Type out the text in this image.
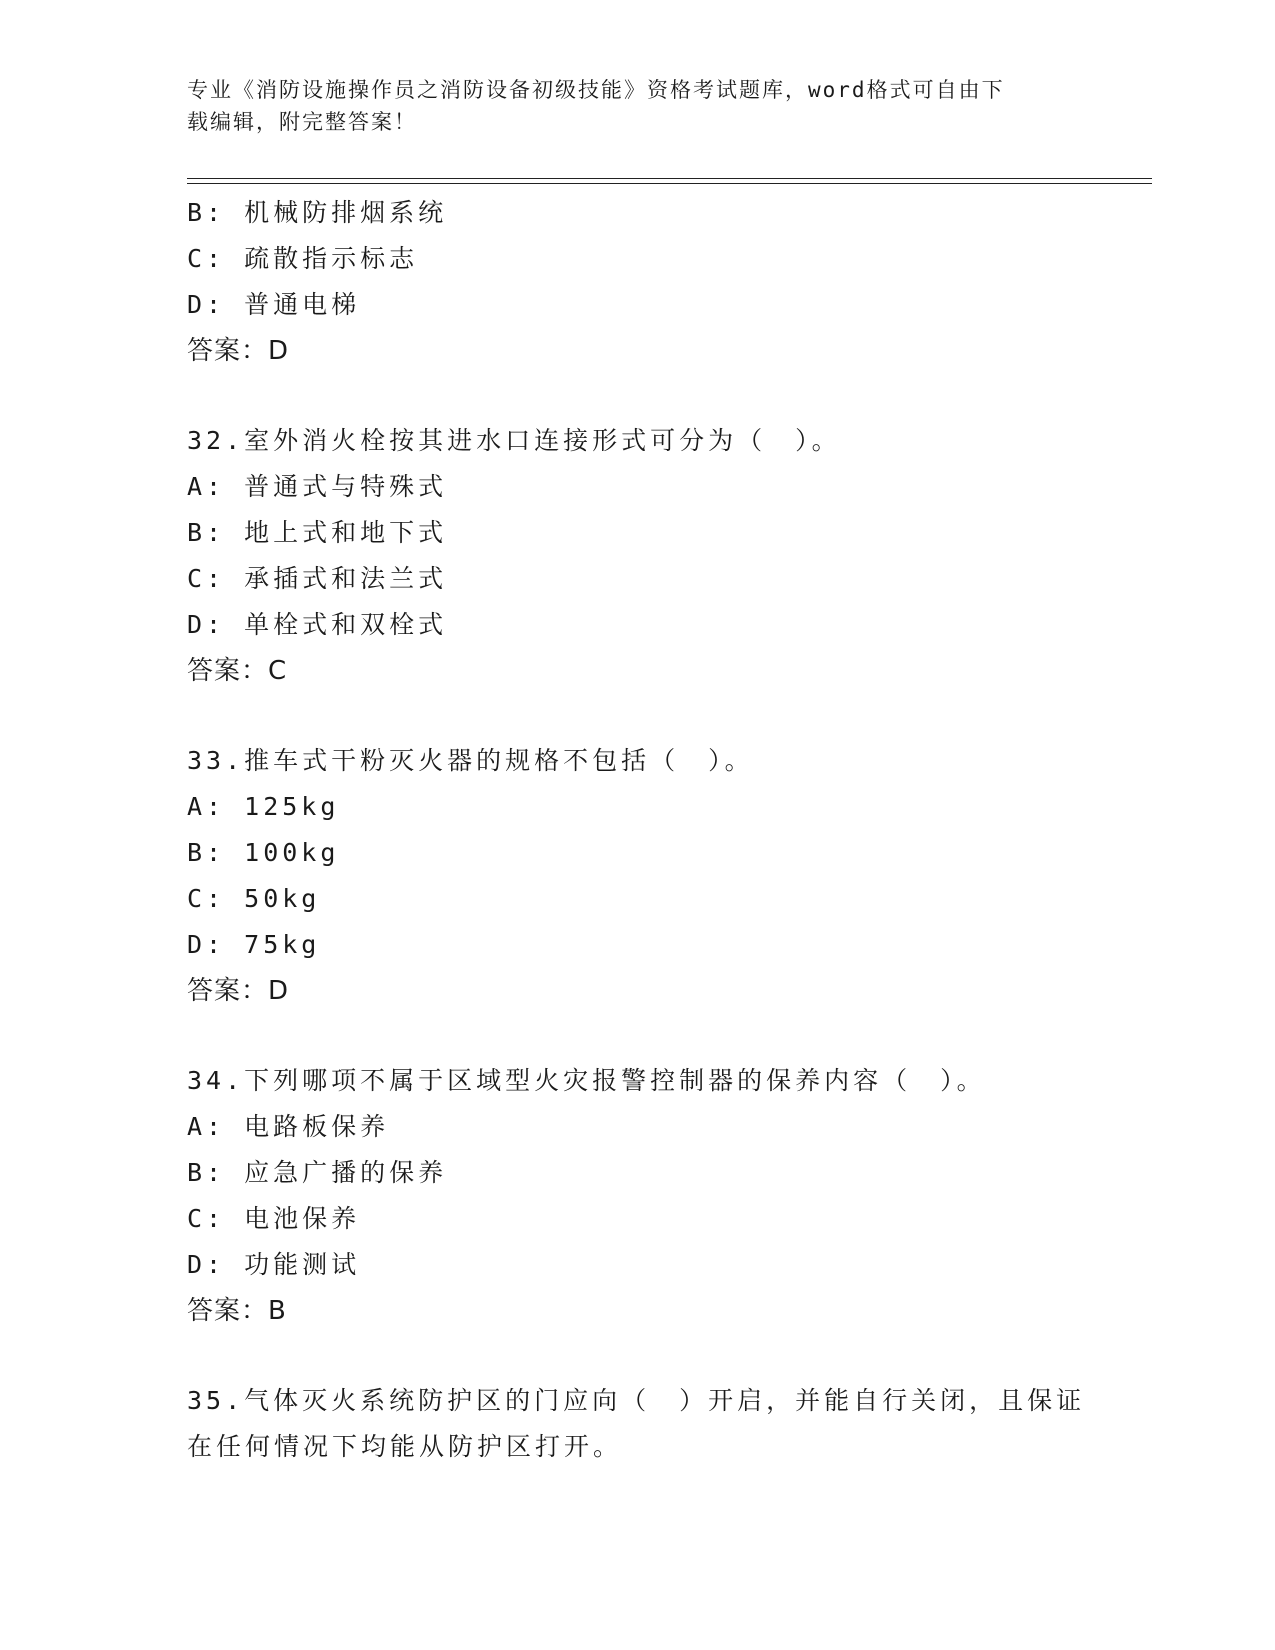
专业《消防设施操作员之消防设备初级技能》资格考试题库，word格式可自由下
载编辑，附完整答案！
B: 机械防排烟系统
C: 疏散指示标志
D: 普通电梯
答案：D
32.室外消火栓按其进水口连接形式可分为（　）。
A: 普通式与特殊式
B: 地上式和地下式
C: 承插式和法兰式
D: 单栓式和双栓式
答案：C
33.推车式干粉灭火器的规格不包括（　）。
A: 125kg
B: 100kg
C: 50kg
D: 75kg
答案：D
34.下列哪项不属于区域型火灾报警控制器的保养内容（　）。
A: 电路板保养
B: 应急广播的保养
C: 电池保养
D: 功能测试
答案：B
35.气体灭火系统防护区的门应向（　）开启，并能自行关闭，且保证
在任何情况下均能从防护区打开。
